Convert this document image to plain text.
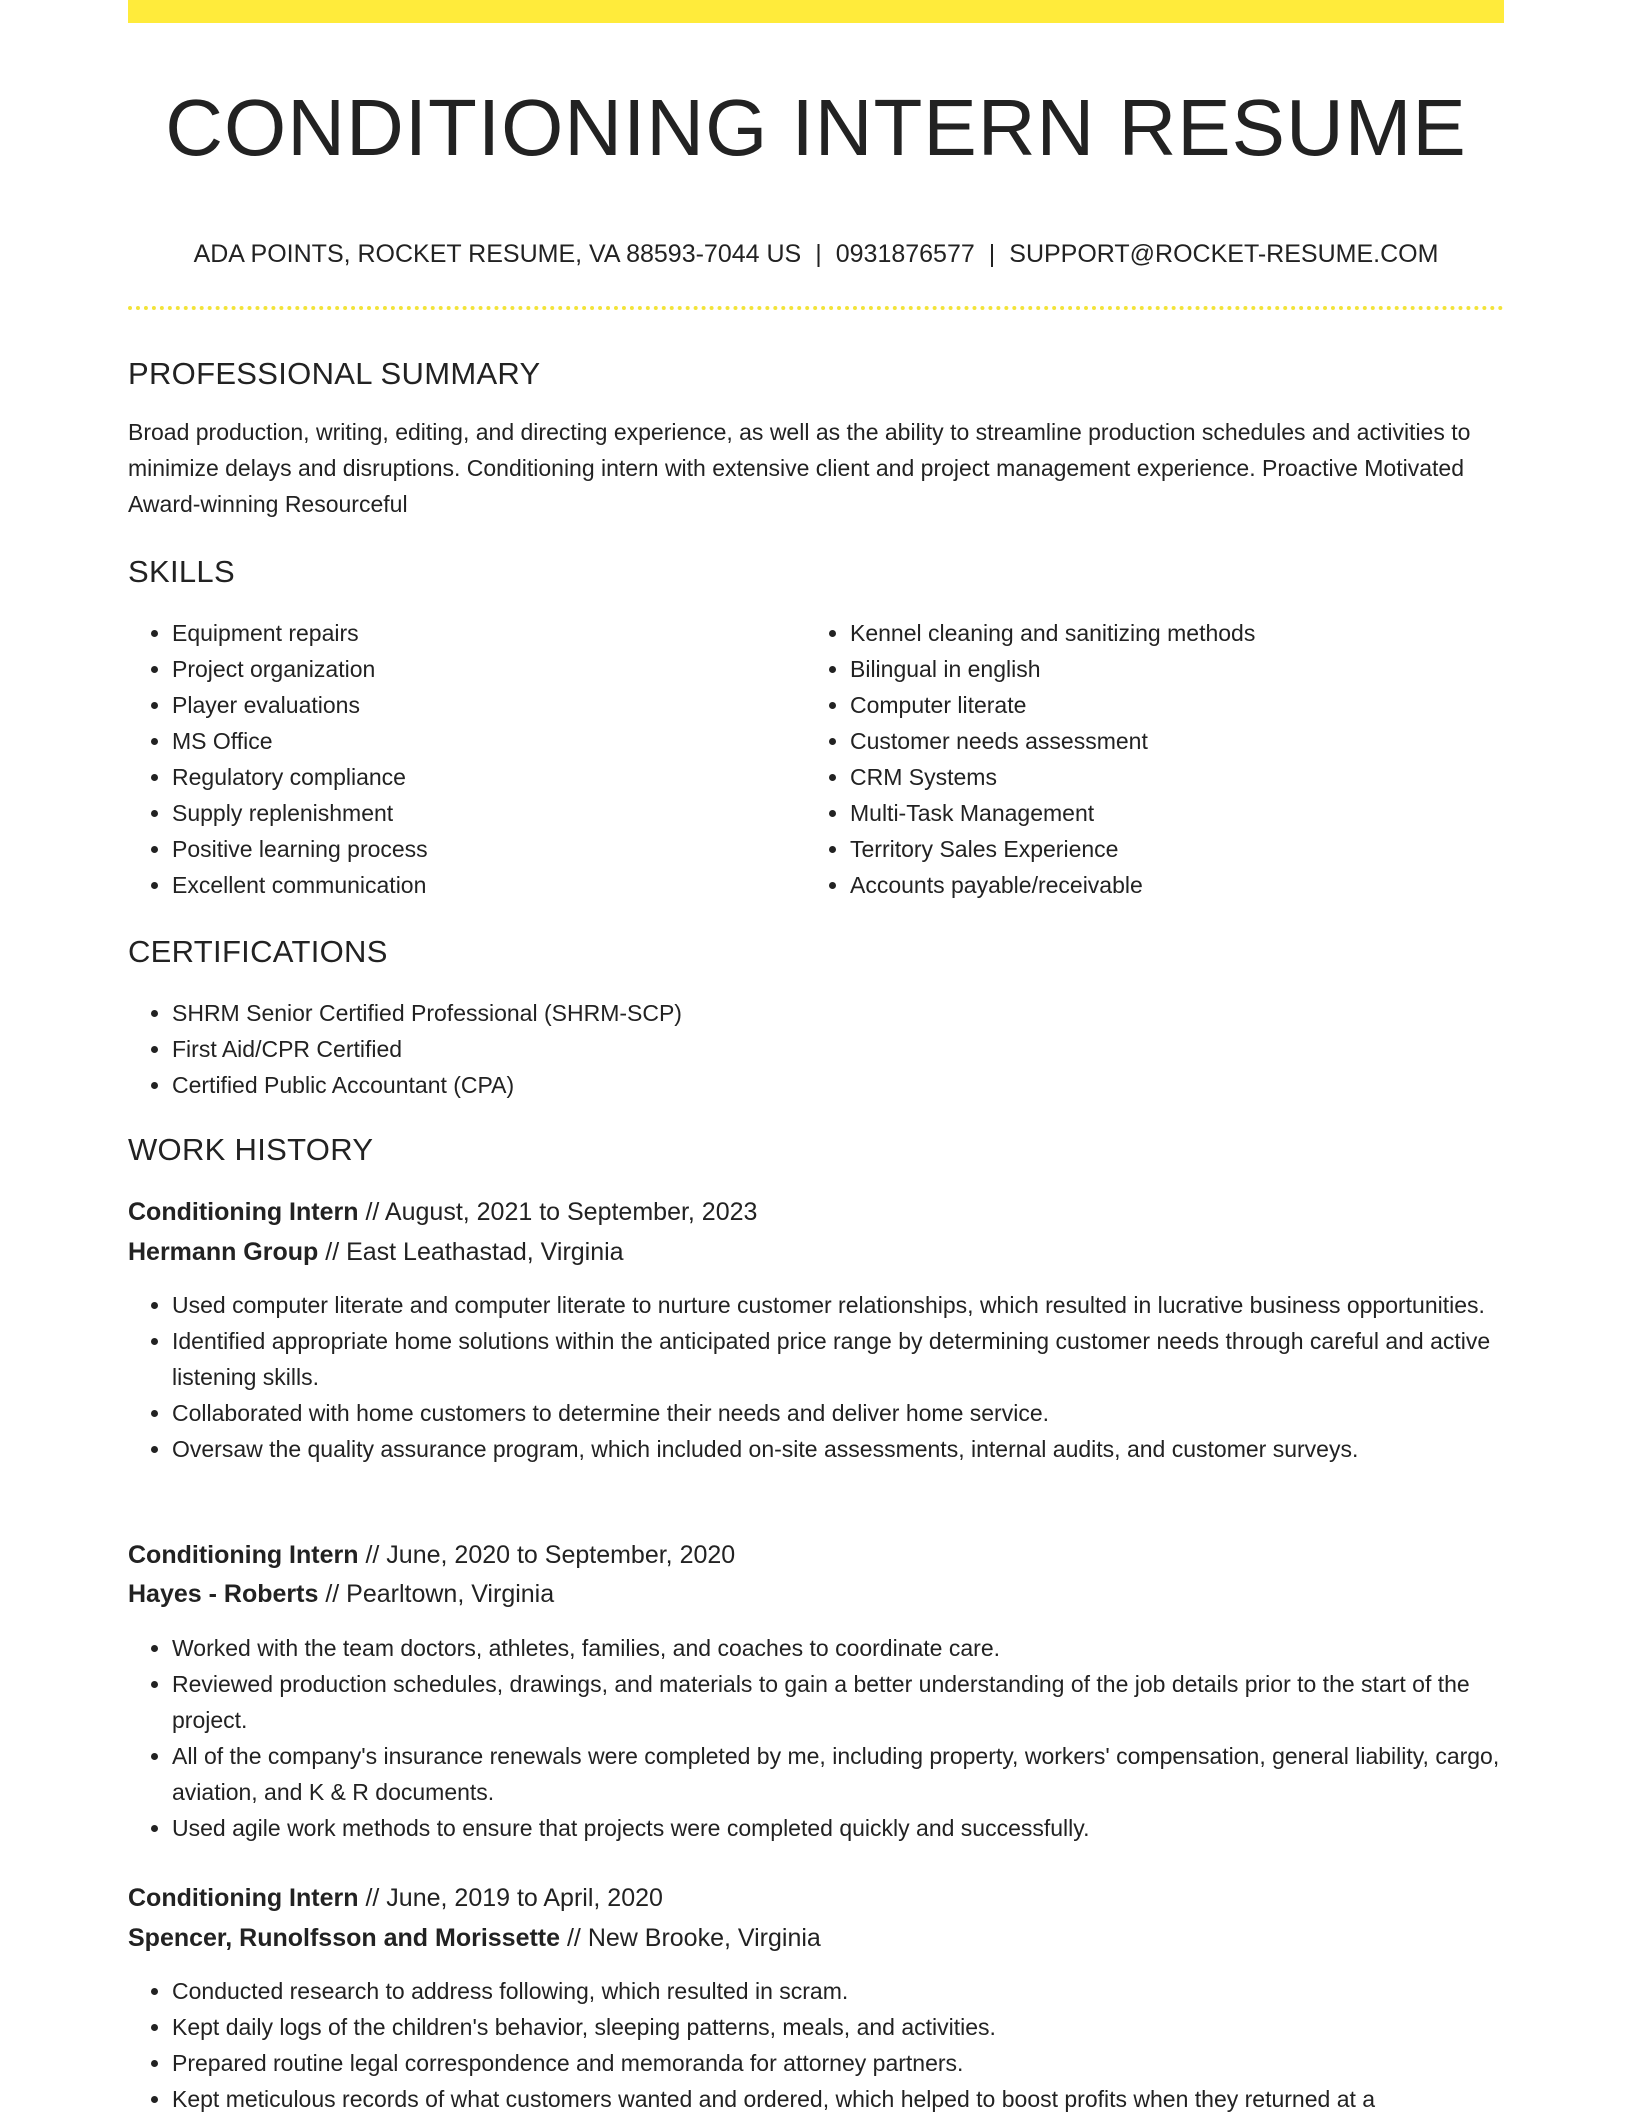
CONDITIONING INTERN RESUME
ADA POINTS, ROCKET RESUME, VA 88593-7044 US | 0931876577 | SUPPORT@ROCKET-RESUME.COM
PROFESSIONAL SUMMARY
Broad production, writing, editing, and directing experience, as well as the ability to streamline production schedules and activities to minimize delays and disruptions. Conditioning intern with extensive client and project management experience. Proactive Motivated Award-winning Resourceful
SKILLS
• Equipment repairs
• Project organization
• Player evaluations
• MS Office
• Regulatory compliance
• Supply replenishment
• Positive learning process
• Excellent communication
• Kennel cleaning and sanitizing methods
• Bilingual in english
• Computer literate
• Customer needs assessment
• CRM Systems
• Multi-Task Management
• Territory Sales Experience
• Accounts payable/receivable
CERTIFICATIONS
• SHRM Senior Certified Professional (SHRM-SCP)
• First Aid/CPR Certified
• Certified Public Accountant (CPA)
WORK HISTORY
Conditioning Intern // August, 2021 to September, 2023
Hermann Group // East Leathastad, Virginia
• Used computer literate and computer literate to nurture customer relationships, which resulted in lucrative business opportunities.
• Identified appropriate home solutions within the anticipated price range by determining customer needs through careful and active listening skills.
• Collaborated with home customers to determine their needs and deliver home service.
• Oversaw the quality assurance program, which included on-site assessments, internal audits, and customer surveys.
Conditioning Intern // June, 2020 to September, 2020
Hayes - Roberts // Pearltown, Virginia
• Worked with the team doctors, athletes, families, and coaches to coordinate care.
• Reviewed production schedules, drawings, and materials to gain a better understanding of the job details prior to the start of the project.
• All of the company's insurance renewals were completed by me, including property, workers' compensation, general liability, cargo, aviation, and K & R documents.
• Used agile work methods to ensure that projects were completed quickly and successfully.
Conditioning Intern // June, 2019 to April, 2020
Spencer, Runolfsson and Morissette // New Brooke, Virginia
• Conducted research to address following, which resulted in scram.
• Kept daily logs of the children's behavior, sleeping patterns, meals, and activities.
• Prepared routine legal correspondence and memoranda for attorney partners.
• Kept meticulous records of what customers wanted and ordered, which helped to boost profits when they returned at a
